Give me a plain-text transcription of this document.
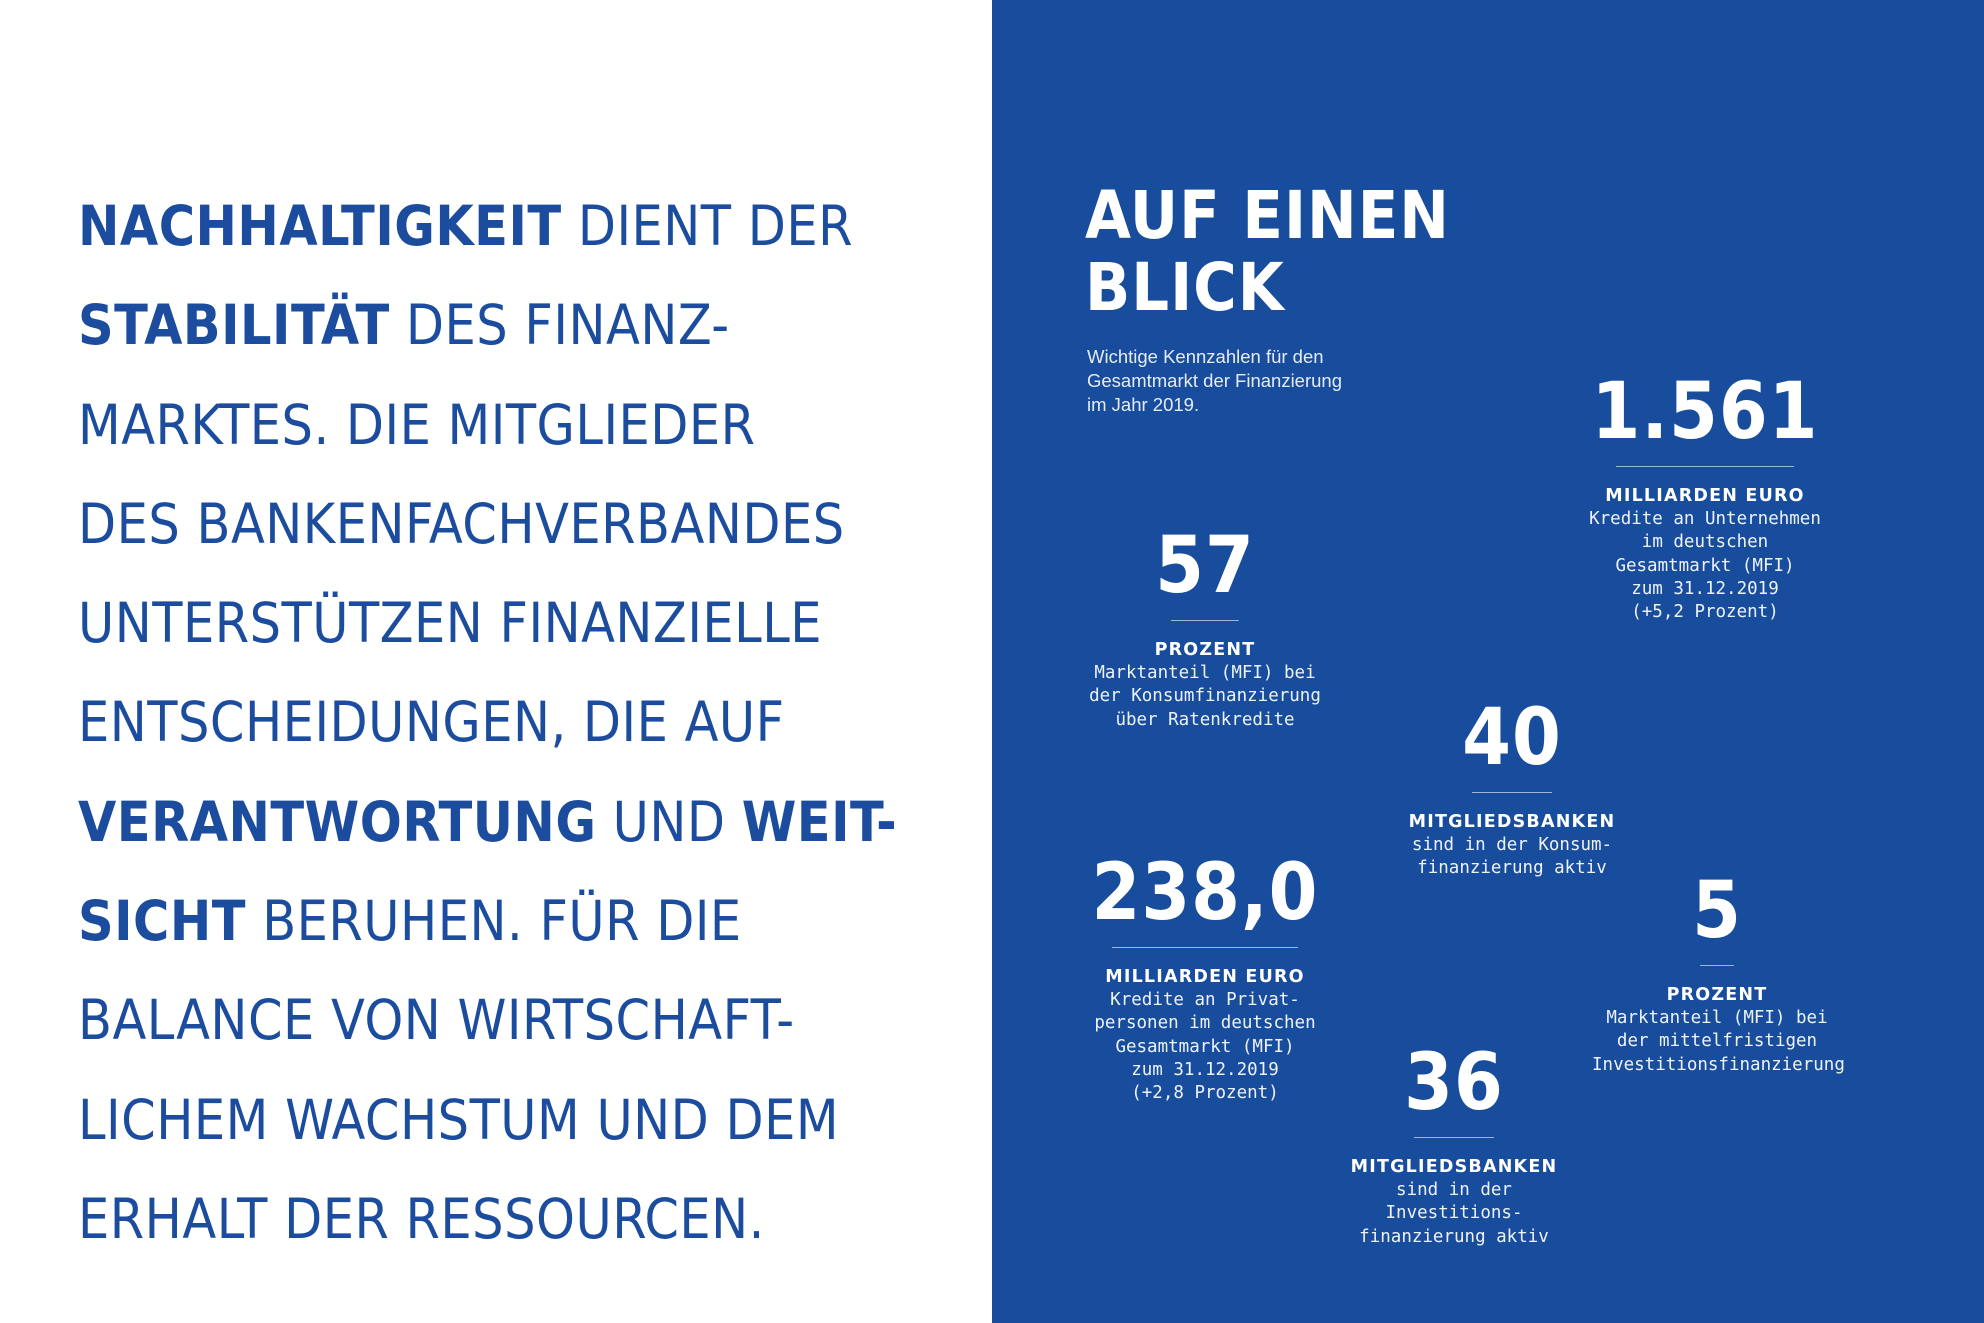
NACHHALTIGKEIT DIENT DER
STABILITÄT DES FINANZ-
MARKTES. DIE MITGLIEDER
DES BANKENFACHVERBANDES
UNTERSTÜTZEN FINANZIELLE
ENTSCHEIDUNGEN, DIE AUF
VERANTWORTUNG UND WEIT-
SICHT BERUHEN. FÜR DIE
BALANCE VON WIRTSCHAFT-
LICHEM WACHSTUM UND DEM
ERHALT DER RESSOURCEN.

AUF EINEN
BLICK

Wichtige Kennzahlen für den
Gesamtmarkt der Finanzierung
im Jahr 2019.	1.561
MILLIARDEN EURO
Kredite an Unternehmen
im deutschen
Gesamtmarkt (MFI)
zum 31.12.2019
(+5,2 Prozent)
57
PROZENT
Marktanteil (MFI) bei
der Konsumfinanzierung
über Ratenkredite	40
MITGLIEDSBANKEN
sind in der Konsum-
finanzierung aktiv
238,0
MILLIARDEN EURO
Kredite an Privat-
personen im deutschen
Gesamtmarkt (MFI)
zum 31.12.2019
(+2,8 Prozent)
5
PROZENT
Marktanteil (MFI) bei
der mittelfristigen
Investitionsfinanzierung
36
MITGLIEDSBANKEN
sind in der Investitions-
finanzierung aktiv
